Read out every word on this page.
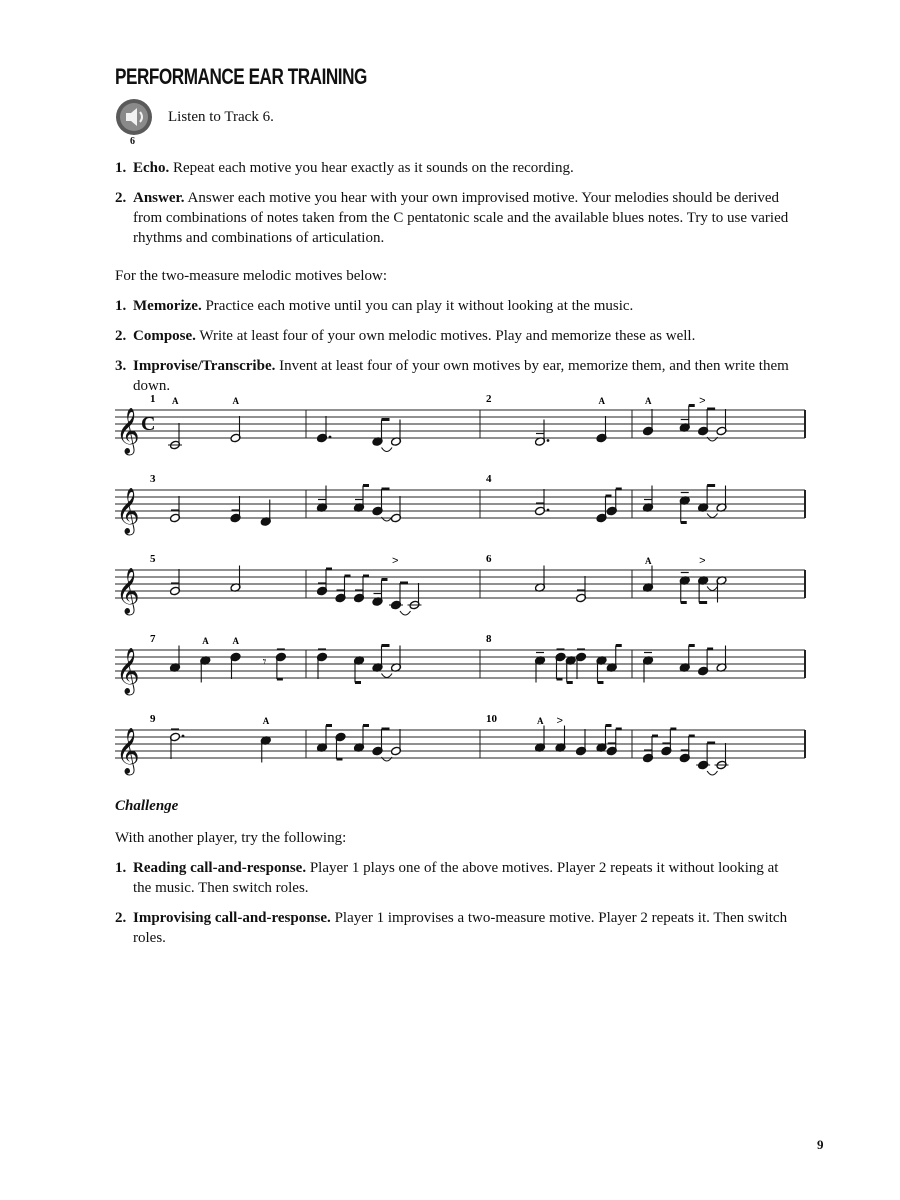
PERFORMANCE EAR TRAINING
6
Listen to Track 6.
1. Echo. Repeat each motive you hear exactly as it sounds on the recording.
2. Answer. Answer each motive you hear with your own improvised motive. Your melodies should be derived from combinations of notes taken from the C pentatonic scale and the available blues notes. Try to use varied rhythms and combinations of articulation.

For the two-measure melodic motives below:

1. Memorize. Practice each motive until you can play it without looking at the music.
2. Compose. Write at least four of your own melodic motives. Play and memorize these as well.
3. Improvise/Transcribe. Invent at least four of your own motives by ear, memorize them, and then write them down.
𝄞 C
1	2
A	A	A	A	>
𝄞
3	4
𝄞
5	6
>	A	>
𝄞
7	8
A	A
𝄾
𝄞
9	10
A	A >
Challenge

With another player, try the following:

1. Reading call-and-response. Player 1 plays one of the above motives. Player 2 repeats it without looking at the music. Then switch roles.
2. Improvising call-and-response. Player 1 improvises a two-measure motive. Player 2 repeats it. Then switch roles.
9
